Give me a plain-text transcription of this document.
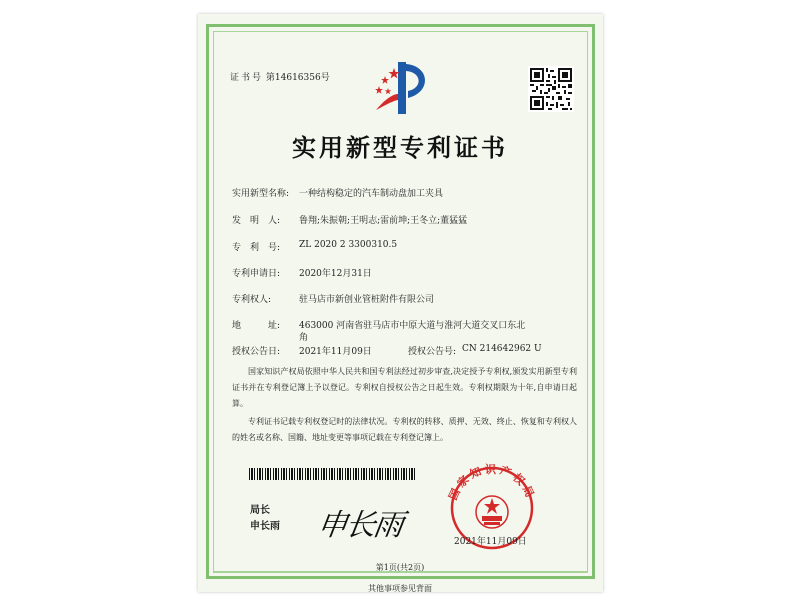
证书号 第14616356号
实用新型专利证书
实用新型名称: 一种结构稳定的汽车制动盘加工夹具
发　明　人: 鲁翔;朱振朝;王明志;雷前坤;王冬立;董猛猛
专　利　号: ZL 2020 2 3300310.5
专利申请日: 2020年12月31日
专利权人:	驻马店市新创业管桩附件有限公司
地　　　址: 463000 河南省驻马店市中原大道与淮河大道交叉口东北
角
授权公告日: 2021年11月09日	授权公告号: CN 214642962 U
国家知识产权局依照中华人民共和国专利法经过初步审查,决定授予专利权,颁发实用新型专利证书并在专利登记簿上予以登记。专利权自授权公告之日起生效。专利权期限为十年,自申请日起算。
专利证书记载专利权登记时的法律状况。专利权的转移、质押、无效、终止、恢复和专利权人的姓名或名称、国籍、地址变更等事项记载在专利登记簿上。
局长
申长雨 申长雨
国家知识产权局
2021年11月09日
第1页(共2页)
其他事项参见背面
